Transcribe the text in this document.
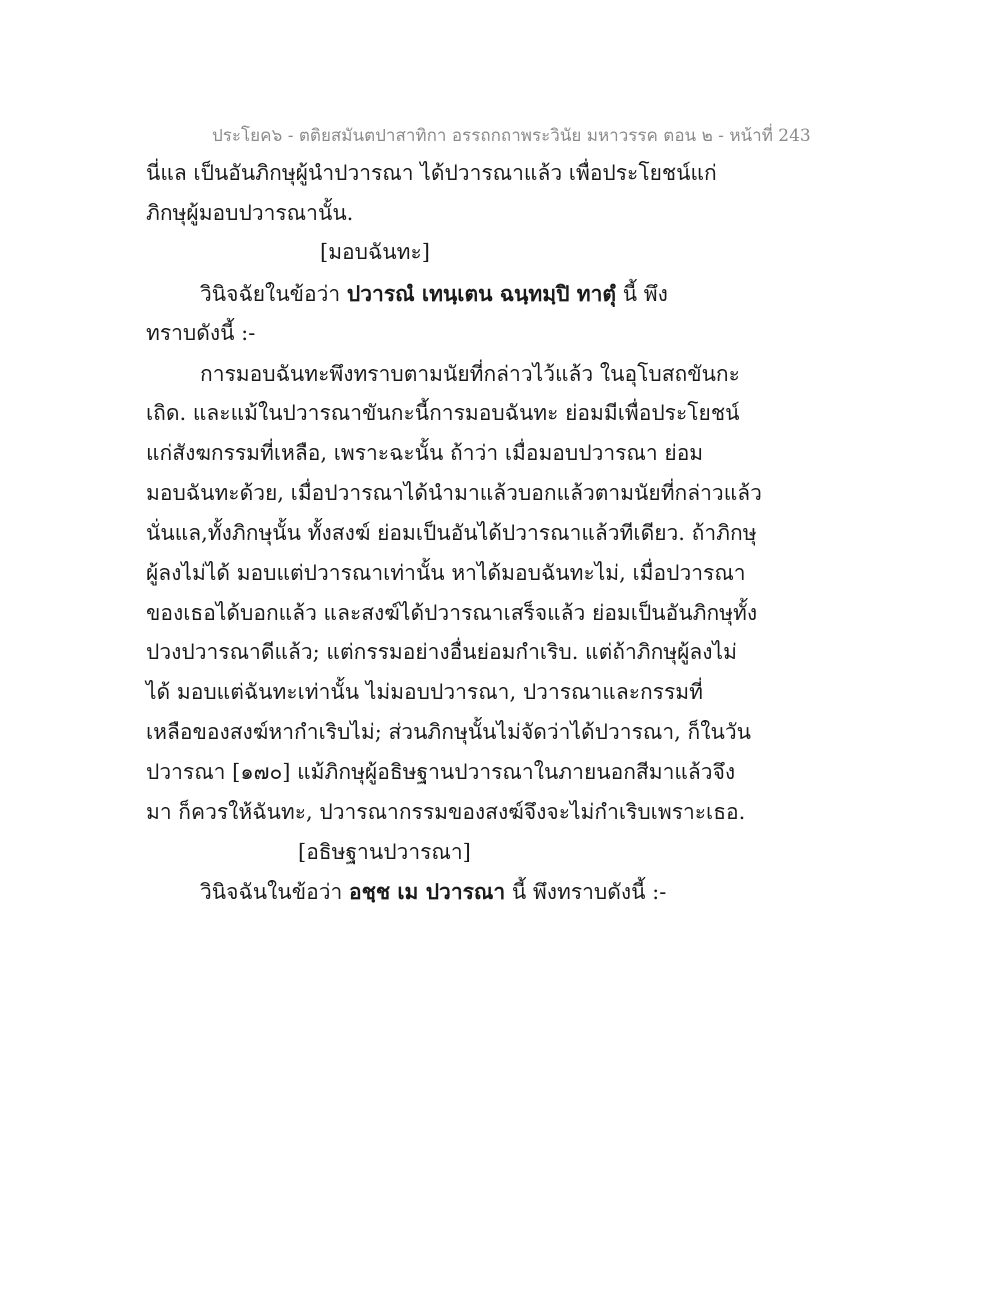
ประโยค๖ - ตติยสมันตปาสาทิกา อรรถกถาพระวินัย มหาวรรค ตอน ๒ - หน้าที่ 243
นี่แล เป็นอันภิกษุผู้นำปวารณา ได้ปวารณาแล้ว เพื่อประโยชน์แก่
ภิกษุผู้มอบปวารณานั้น.
[มอบฉันทะ]
วินิจฉัยในข้อว่า ปวารณํ เทนฺเตน ฉนฺทมฺปิ ทาตุํ นี้ พึง
ทราบดังนี้ :-
การมอบฉันทะพึงทราบตามนัยที่กล่าวไว้แล้ว ในอุโบสถขันกะ
เถิด. และแม้ในปวารณาขันกะนี้การมอบฉันทะ ย่อมมีเพื่อประโยชน์
แก่สังฆกรรมที่เหลือ, เพราะฉะนั้น ถ้าว่า เมื่อมอบปวารณา ย่อม
มอบฉันทะด้วย, เมื่อปวารณาได้นำมาแล้วบอกแล้วตามนัยที่กล่าวแล้ว
นั่นแล,ทั้งภิกษุนั้น ทั้งสงฆ์ ย่อมเป็นอันได้ปวารณาแล้วทีเดียว. ถ้าภิกษุ
ผู้ลงไม่ได้ มอบแต่ปวารณาเท่านั้น หาได้มอบฉันทะไม่, เมื่อปวารณา
ของเธอได้บอกแล้ว และสงฆ์ได้ปวารณาเสร็จแล้ว ย่อมเป็นอันภิกษุทั้ง
ปวงปวารณาดีแล้ว; แต่กรรมอย่างอื่นย่อมกำเริบ. แต่ถ้าภิกษุผู้ลงไม่
ได้ มอบแต่ฉันทะเท่านั้น ไม่มอบปวารณา, ปวารณาและกรรมที่
เหลือของสงฆ์หากำเริบไม่; ส่วนภิกษุนั้นไม่จัดว่าได้ปวารณา, ก็ในวัน
ปวารณา [๑๗๐] แม้ภิกษุผู้อธิษฐานปวารณาในภายนอกสีมาแล้วจึง
มา ก็ควรให้ฉันทะ, ปวารณากรรมของสงฆ์จึงจะไม่กำเริบเพราะเธอ.
[อธิษฐานปวารณา]
วินิจฉันในข้อว่า อชฺช เม ปวารณา นี้ พึงทราบดังนี้ :-
